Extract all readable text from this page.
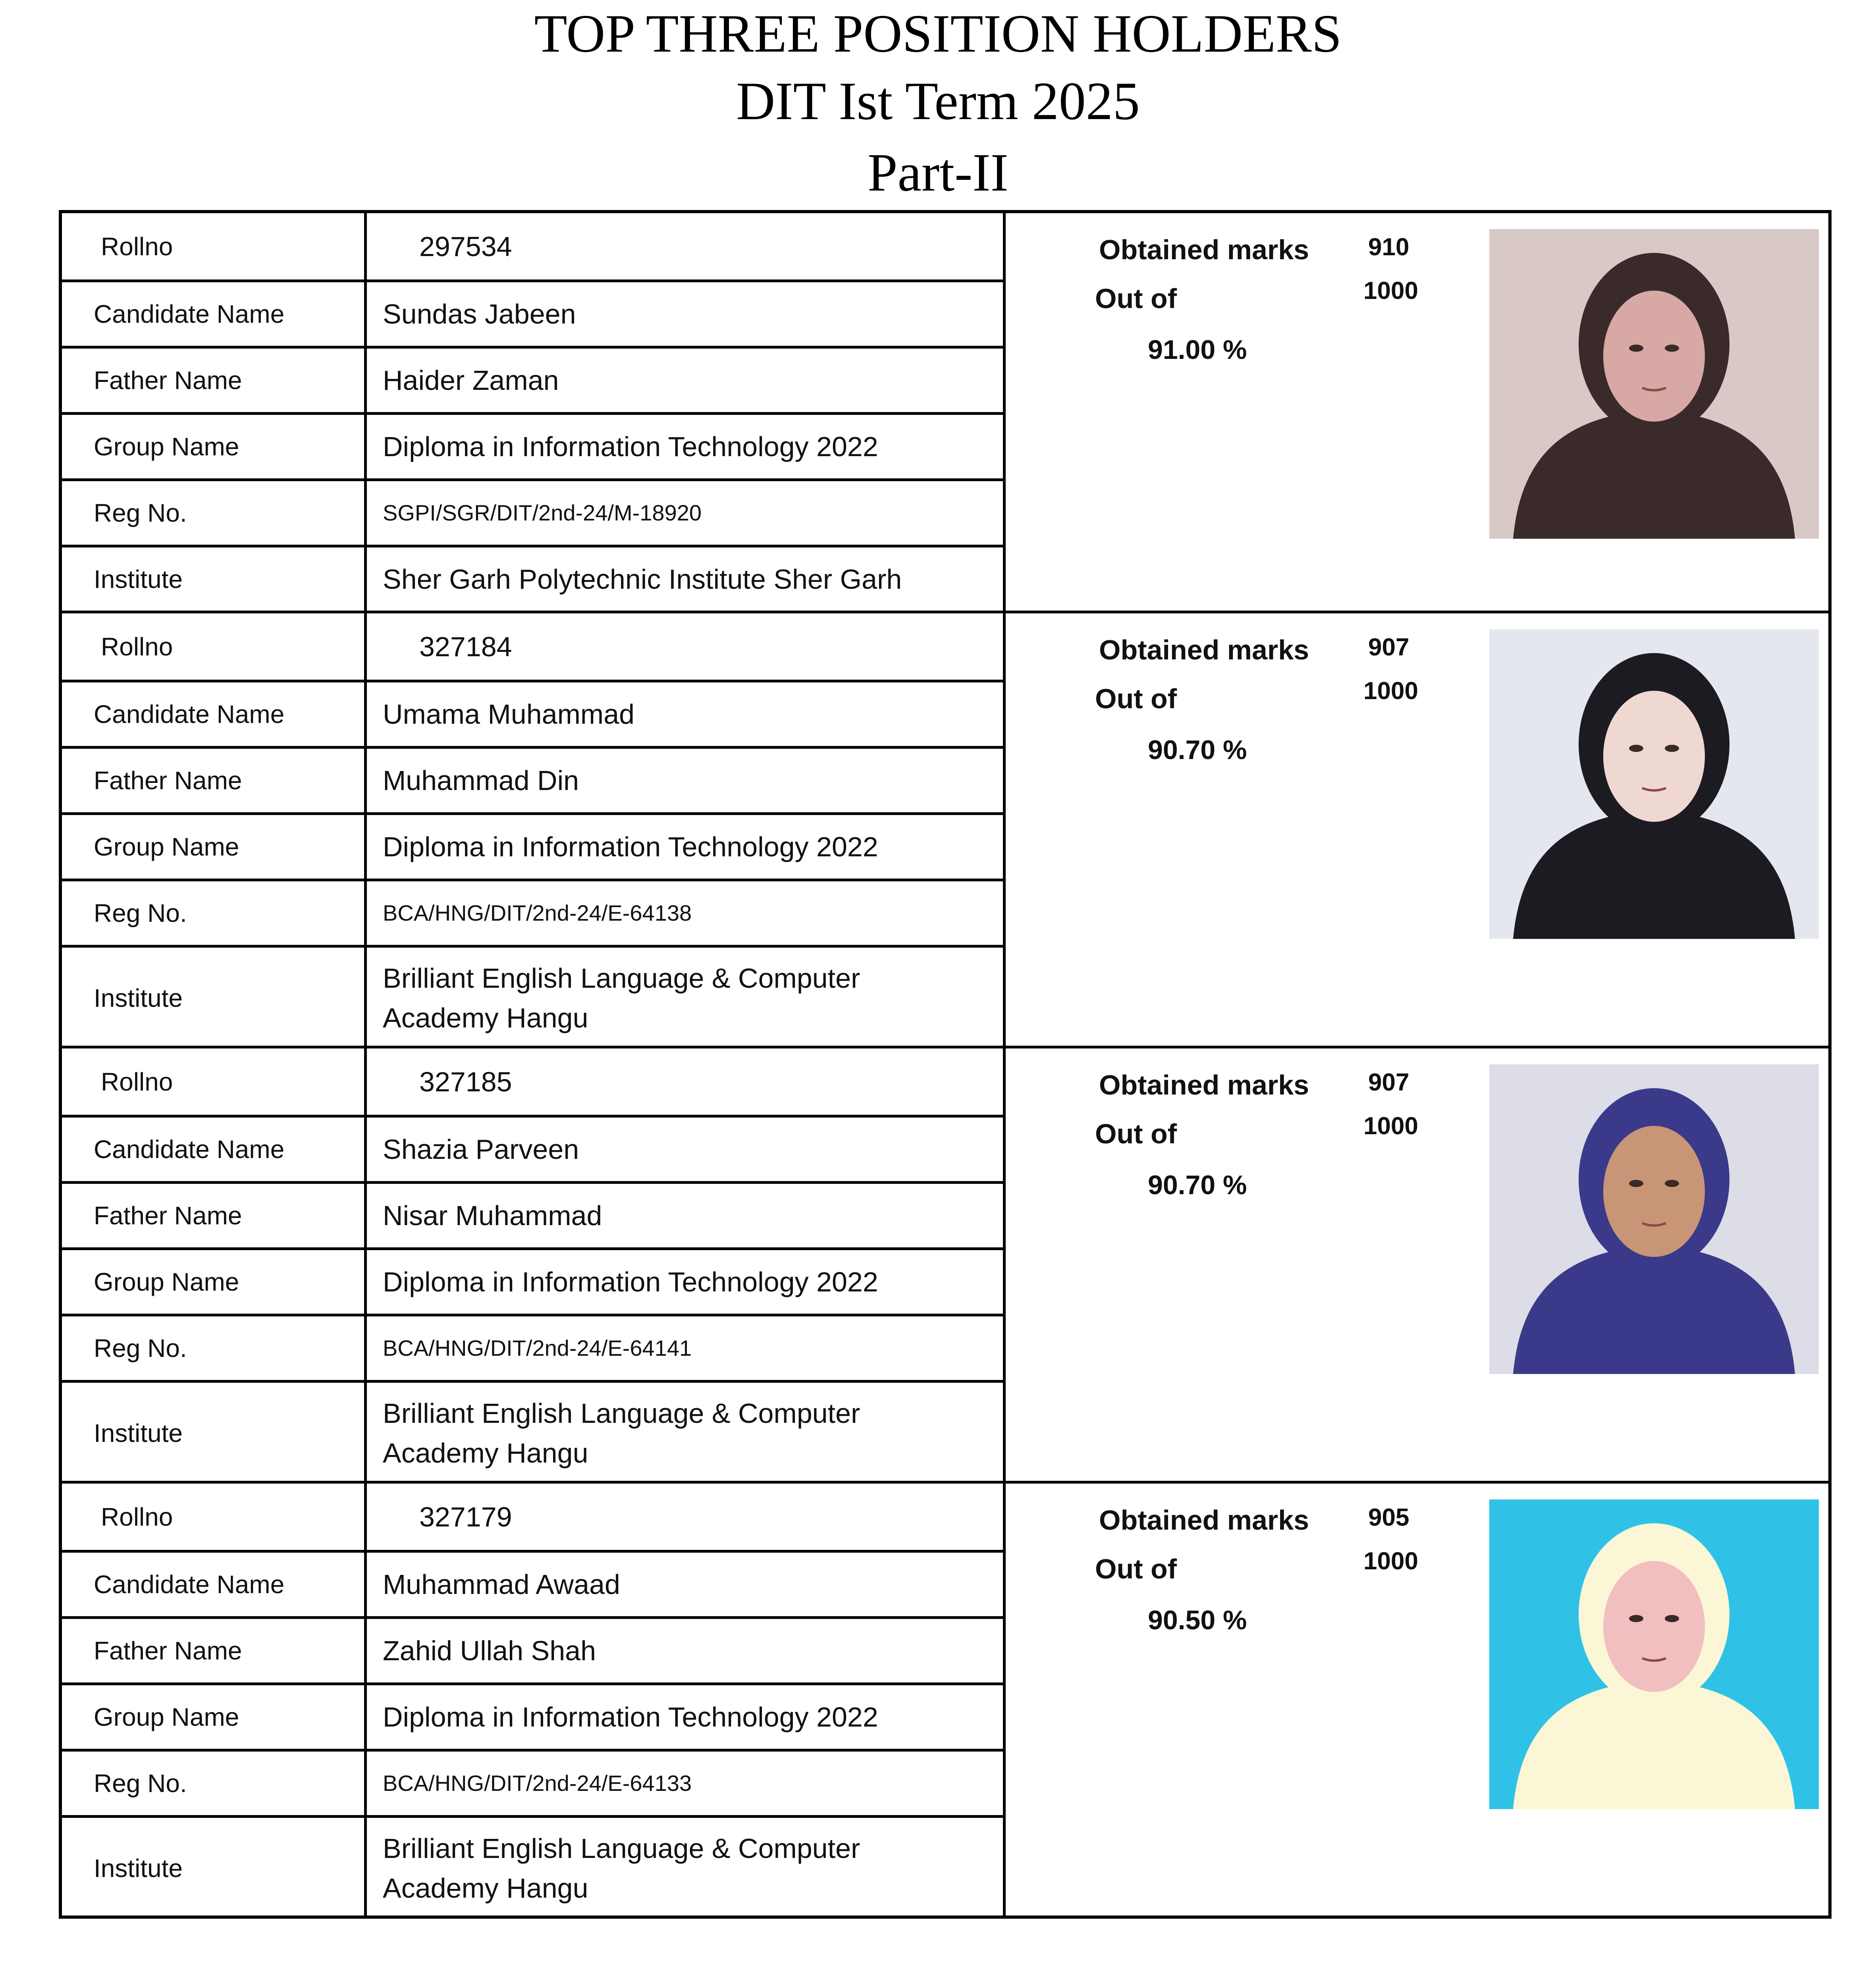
TOP THREE POSITION HOLDERS
DIT Ist Term 2025
Part-II
Rollno	297534
Candidate Name	Sundas Jabeen
Father Name	Haider Zaman
Group Name	Diploma in Information Technology 2022
Reg No.	SGPI/SGR/DIT/2nd-24/M-18920
Institute	Sher Garh Polytechnic Institute Sher Garh
Obtained marks
Out of
910
1000
91.00 %
Rollno	327184
Candidate Name	Umama Muhammad
Father Name	Muhammad Din
Group Name	Diploma in Information Technology 2022
Reg No.	BCA/HNG/DIT/2nd-24/E-64138
Institute
Brilliant English Language & Computer
Academy Hangu
Obtained marks
Out of
907
1000
90.70 %
Rollno	327185
Candidate Name	Shazia Parveen
Father Name	Nisar Muhammad
Group Name	Diploma in Information Technology 2022
Reg No.	BCA/HNG/DIT/2nd-24/E-64141
Institute
Brilliant English Language & Computer
Academy Hangu
Obtained marks
Out of
907
1000
90.70 %
Rollno	327179
Candidate Name	Muhammad Awaad
Father Name	Zahid Ullah Shah
Group Name	Diploma in Information Technology 2022
Reg No.	BCA/HNG/DIT/2nd-24/E-64133
Institute
Brilliant English Language & Computer
Academy Hangu
Obtained marks
Out of
905
1000
90.50 %
